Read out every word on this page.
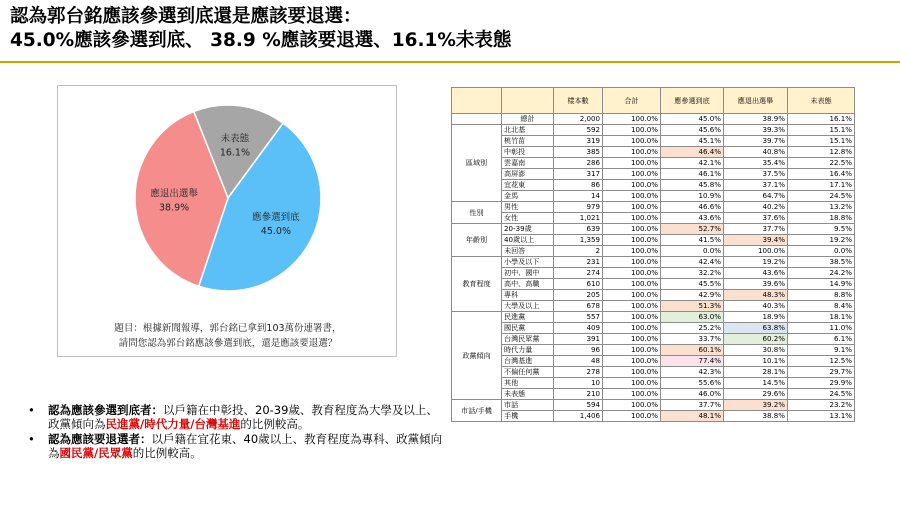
認為郭台銘應該參選到底還是應該要退選：
45.0%應該參選到底、 38.9 %應該要退選、16.1%未表態
未表態
16.1%
應參選到底
45.0%
應退出選舉
38.9%
題目：根據新聞報導，郭台銘已拿到103萬份連署書，
請問您認為郭台銘應該參選到底，還是應該要退選？
• 認為應該參選到底者：以戶籍在中彰投、20-39歲、教育程度為大學及以上、 政黨傾向為民進黨/時代力量/台灣基進的比例較高。
• 認為應該要退選者：以戶籍在宜花東、40歲以上、教育程度為專科、政黨傾向為國民黨/民眾黨的比例較高。
		樣本數	合計	應參選到底	應退出選舉	未表態
	總計	2,000	100.0%	45.0%	38.9%	16.1%
區域別	北北基	592	100.0%	45.6%	39.3%	15.1%
	桃竹苗	319	100.0%	45.1%	39.7%	15.1%
	中彰投	385	100.0%	46.4%	40.8%	12.8%
	雲嘉南	286	100.0%	42.1%	35.4%	22.5%
	高屏澎	317	100.0%	46.1%	37.5%	16.4%
	宜花東	86	100.0%	45.8%	37.1%	17.1%
	金馬	14	100.0%	10.9%	64.7%	24.5%
性別	男性	979	100.0%	46.6%	40.2%	13.2%
	女性	1,021	100.0%	43.6%	37.6%	18.8%
年齡別	20-39歲	639	100.0%	52.7%	37.7%	9.5%
	40歲以上	1,359	100.0%	41.5%	39.4%	19.2%
	未回答	2	100.0%	0.0%	100.0%	0.0%
教育程度	小學及以下	231	100.0%	42.4%	19.2%	38.5%
	初中、國中	274	100.0%	32.2%	43.6%	24.2%
	高中、高職	610	100.0%	45.5%	39.6%	14.9%
	專科	205	100.0%	42.9%	48.3%	8.8%
	大學及以上	678	100.0%	51.3%	40.3%	8.4%
政黨傾向	民進黨	557	100.0%	63.0%	18.9%	18.1%
	國民黨	409	100.0%	25.2%	63.8%	11.0%
	台灣民眾黨	391	100.0%	33.7%	60.2%	6.1%
	時代力量	96	100.0%	60.1%	30.8%	9.1%
	台灣基進	48	100.0%	77.4%	10.1%	12.5%
	不偏任何黨	278	100.0%	42.3%	28.1%	29.7%
	其他	10	100.0%	55.6%	14.5%	29.9%
	未表態	210	100.0%	46.0%	29.6%	24.5%
市話/手機	市話	594	100.0%	37.7%	39.2%	23.2%
	手機	1,406	100.0%	48.1%	38.8%	13.1%
